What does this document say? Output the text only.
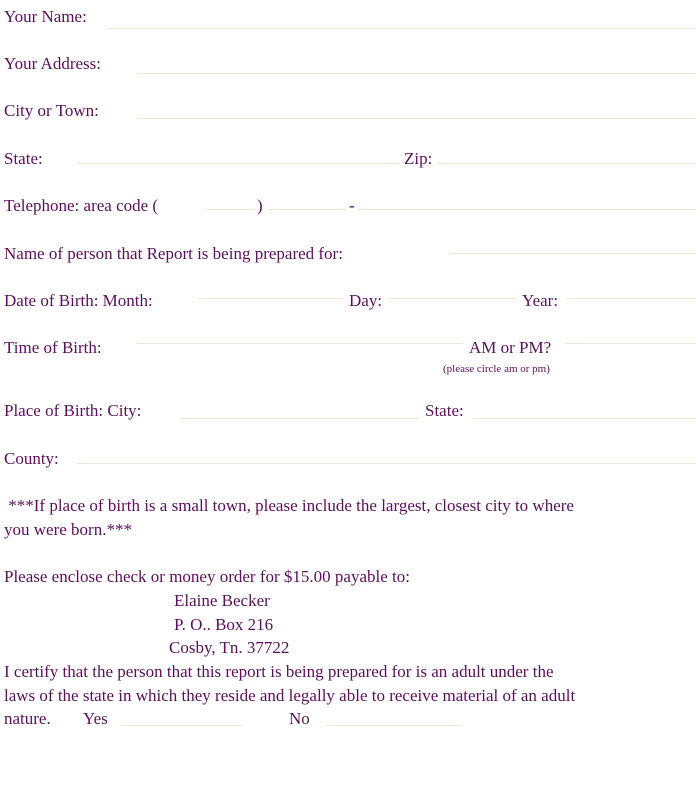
Your Name:
Your Address:
City or Town:
State:	Zip:
Telephone: area code (	)	-
Name of person that Report is being prepared for:
Date of Birth: Month:	Day:	Year:
Time of Birth:	AM or PM?
(please circle am or pm)
Place of Birth: City:	State:
County:
***If place of birth is a small town, please include the largest, closest city to where
you were born.***
Please enclose check or money order for $15.00 payable to:
Elaine Becker
P. O.. Box 216
Cosby, Tn. 37722
I certify that the person that this report is being prepared for is an adult under the
laws of the state in which they reside and legally able to receive material of an adult
nature. Yes	No
